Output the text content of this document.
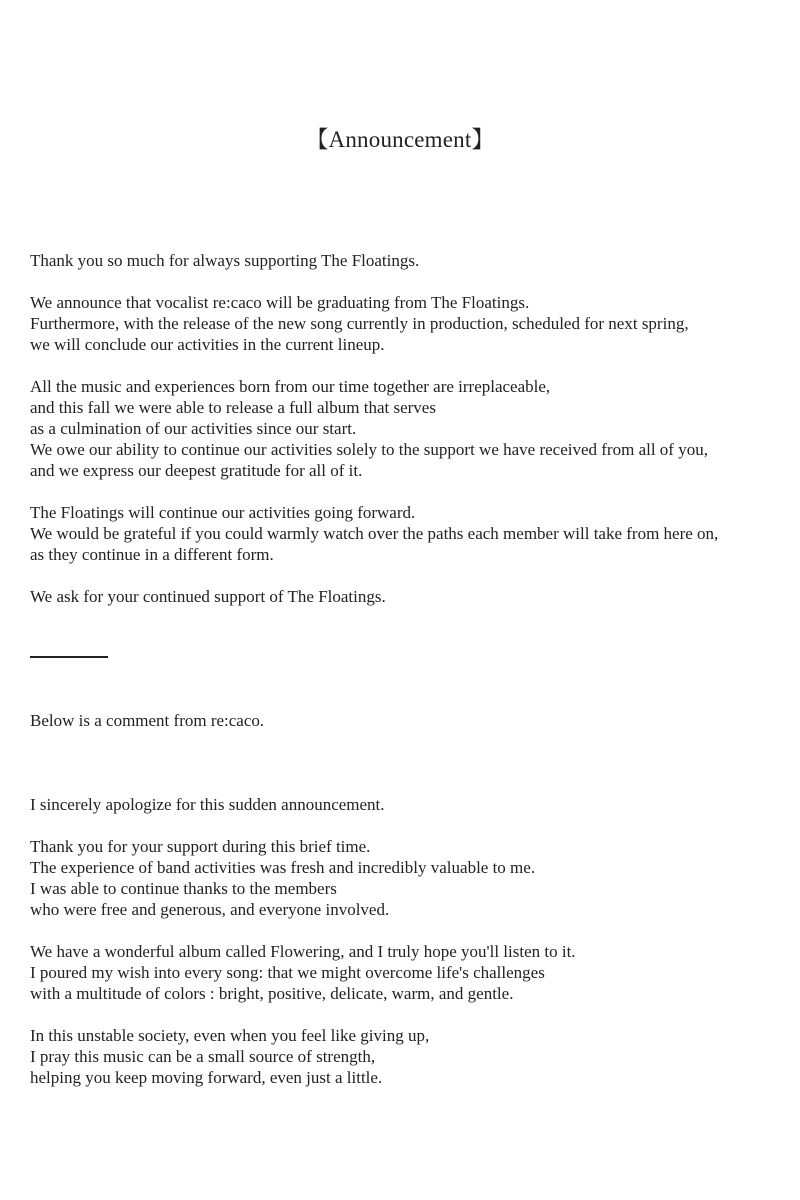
【Announcement】

Thank you so much for always supporting The Floatings.

We announce that vocalist re:caco will be graduating from The Floatings.
Furthermore, with the release of the new song currently in production, scheduled for next spring,
we will conclude our activities in the current lineup.

All the music and experiences born from our time together are irreplaceable,
and this fall we were able to release a full album that serves
as a culmination of our activities since our start.
We owe our ability to continue our activities solely to the support we have received from all of you,
and we express our deepest gratitude for all of it.

The Floatings will continue our activities going forward.
We would be grateful if you could warmly watch over the paths each member will take from here on,
as they continue in a different form.

We ask for your continued support of The Floatings.

Below is a comment from re:caco.

I sincerely apologize for this sudden announcement.

Thank you for your support during this brief time.
The experience of band activities was fresh and incredibly valuable to me.
I was able to continue thanks to the members
who were free and generous, and everyone involved.

We have a wonderful album called Flowering, and I truly hope you'll listen to it.
I poured my wish into every song: that we might overcome life's challenges
with a multitude of colors : bright, positive, delicate, warm, and gentle.

In this unstable society, even when you feel like giving up,
I pray this music can be a small source of strength,
helping you keep moving forward, even just a little.
